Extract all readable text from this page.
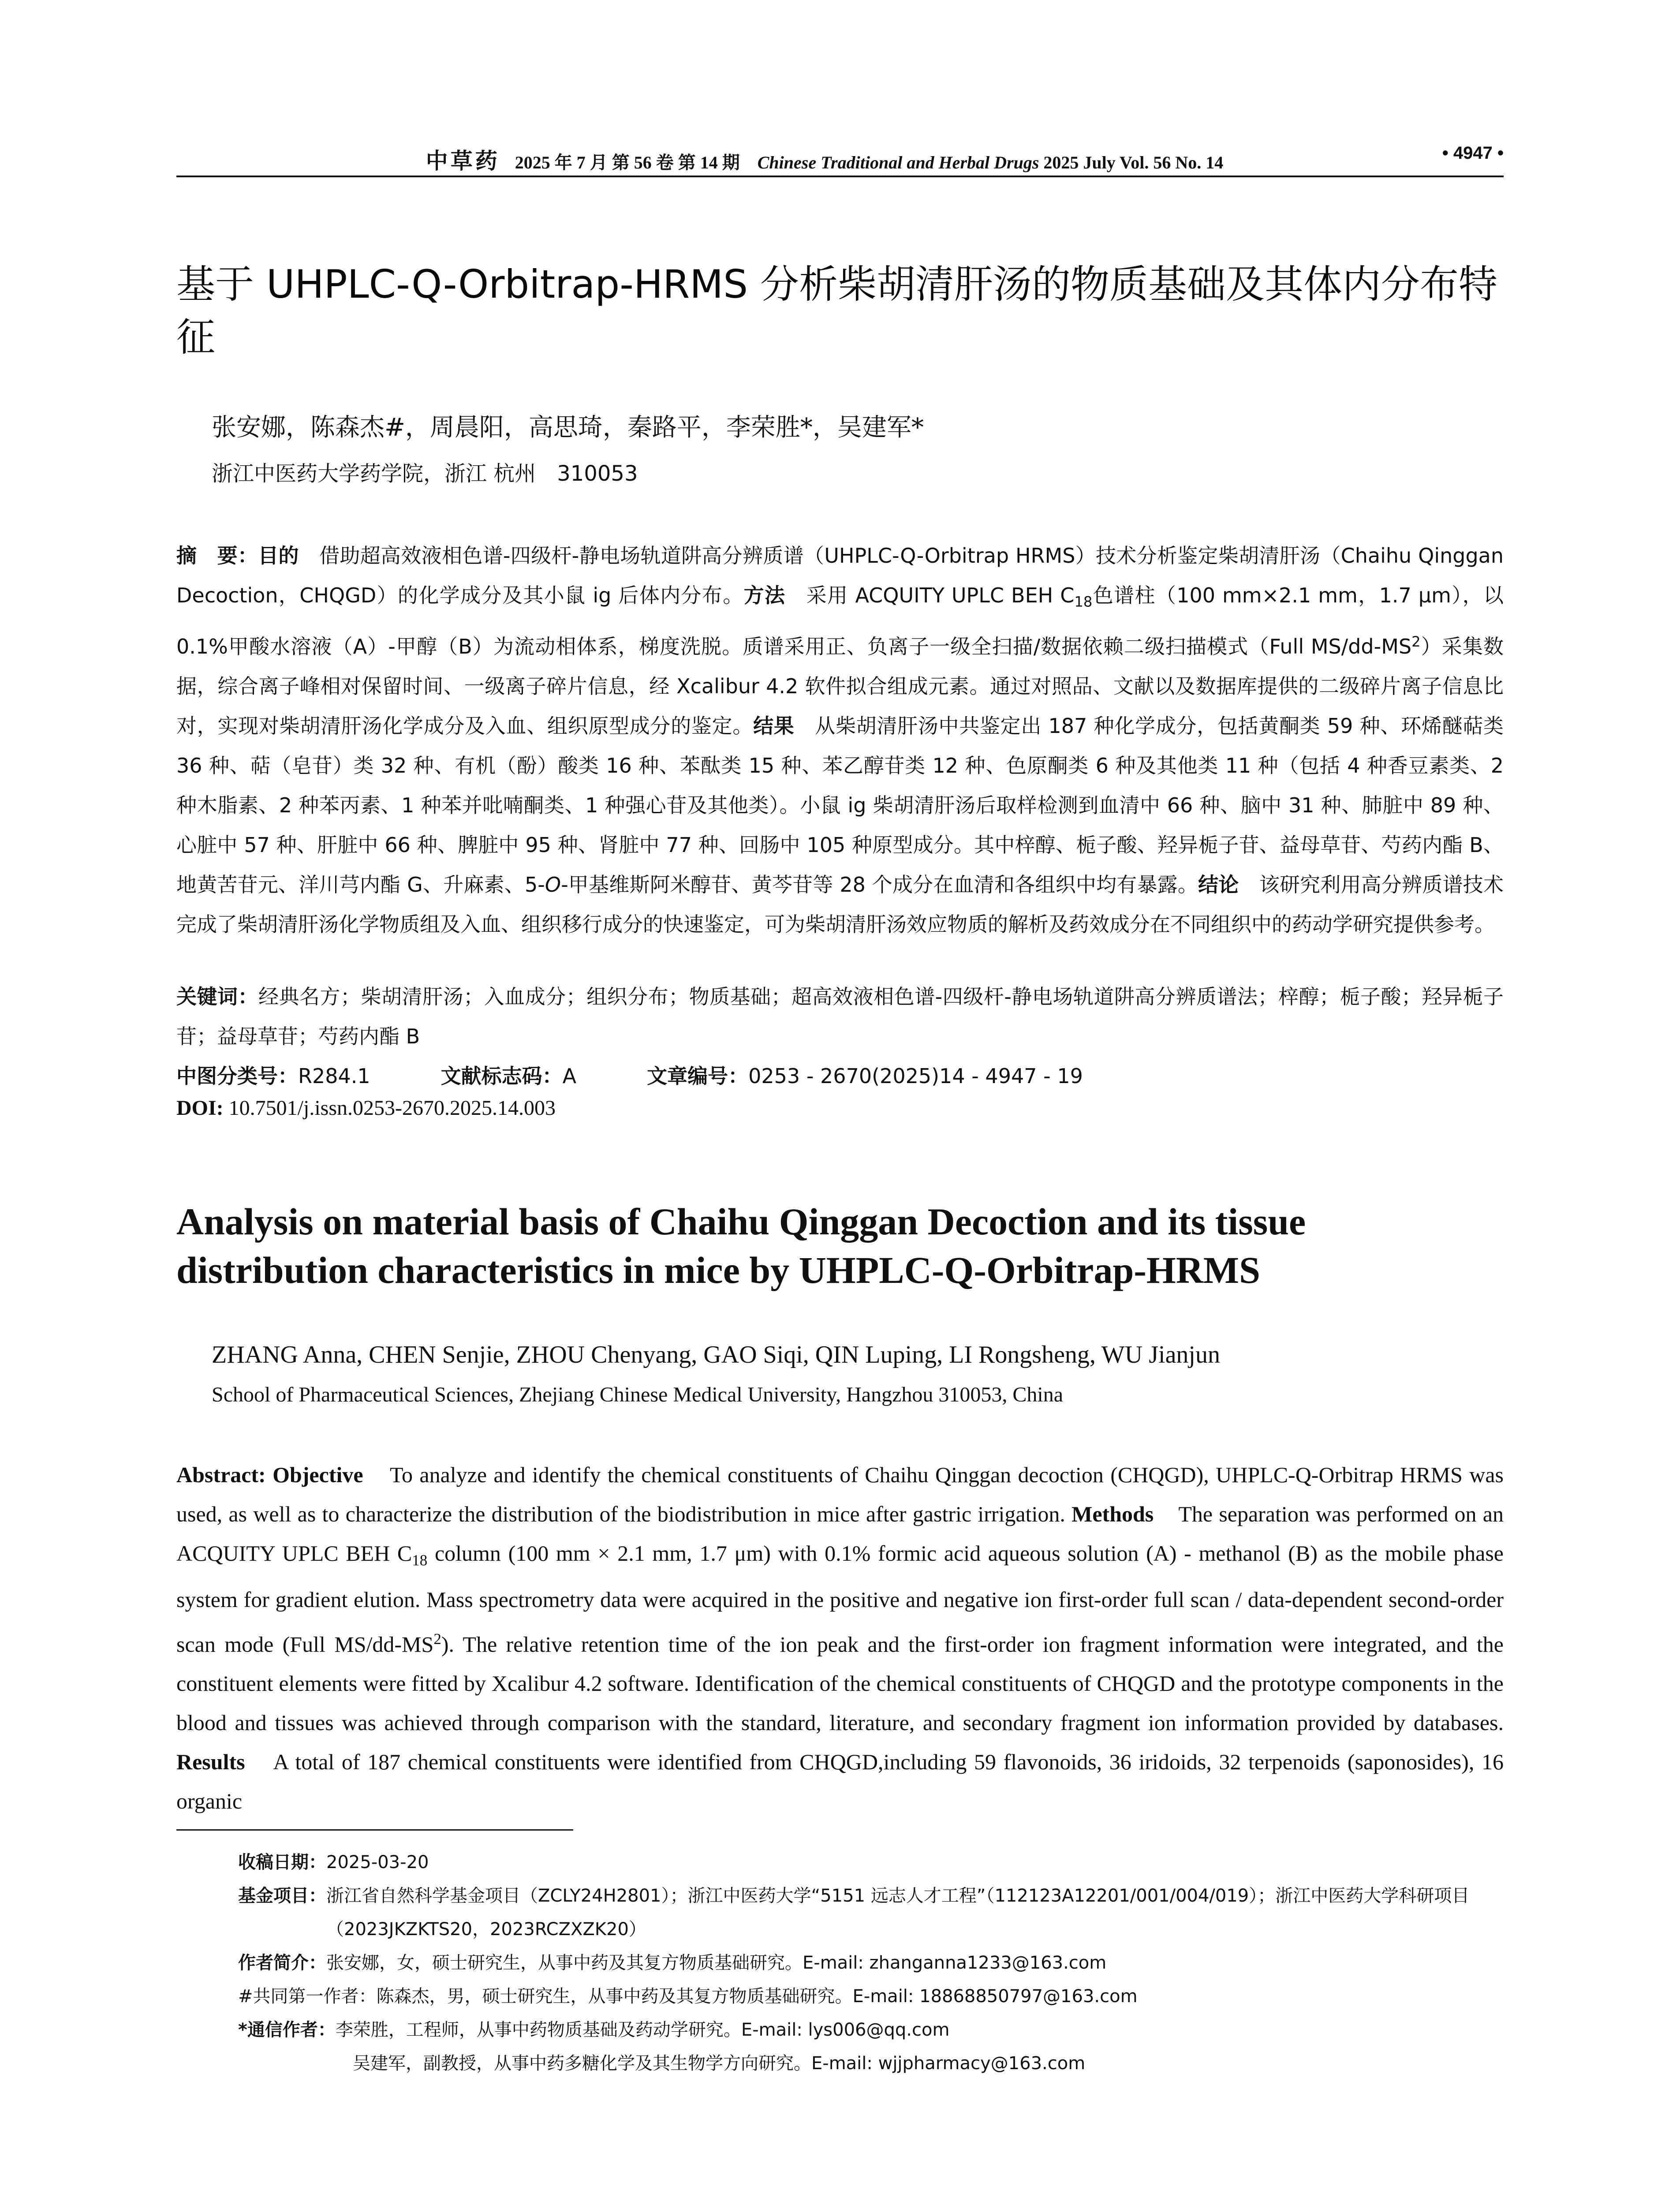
中草药 2025 年 7 月 第 56 卷 第 14 期 Chinese Traditional and Herbal Drugs 2025 July Vol. 56 No. 14	• 4947 •
基于 UHPLC-Q-Orbitrap-HRMS 分析柴胡清肝汤的物质基础及其体内分布特征
张安娜，陈森杰#，周晨阳，高思琦，秦路平，李荣胜*，吴建军*
浙江中医药大学药学院，浙江 杭州　310053
摘　要：目的　 借助超高效液相色谱-四级杆-静电场轨道阱高分辨质谱（UHPLC-Q-Orbitrap HRMS）技术分析鉴定柴胡清肝汤（Chaihu Qinggan Decoction，CHQGD）的化学成分及其小鼠 ig 后体内分布。方法　 采用 ACQUITY UPLC BEH $C_{18}$色谱柱（100 mm×2.1 mm，1.7 μm），以 0.1%甲酸水溶液（A）-甲醇（B）为流动相体系，梯度洗脱。质谱采用正、负离子一级全扫描/数据依赖二级扫描模式（Full $MS/dd-MS^2$）采集数据，综合离子峰相对保留时间、一级离子碎片信息，经 Xcalibur 4.2 软件拟合组成元素。通过对照品、文献以及数据库提供的二级碎片离子信息比对，实现对柴胡清肝汤化学成分及入血、组织原型成分的鉴定。结果　 从柴胡清肝汤中共鉴定出 187 种化学成分，包括黄酮类 59 种、环烯醚萜类 36 种、萜（皂苷）类 32 种、有机（酚）酸类 16 种、苯酞类 15 种、苯乙醇苷类 12 种、色原酮类 6 种及其他类 11 种（包括 4 种香豆素类、2 种木脂素、2 种苯丙素、1 种苯并吡喃酮类、1 种强心苷及其他类）。小鼠 ig 柴胡清肝汤后取样检测到血清中 66 种、脑中 31 种、肺脏中 89 种、心脏中 57 种、肝脏中 66 种、脾脏中 95 种、肾脏中 77 种、回肠中 105 种原型成分。其中梓醇、栀子酸、羟异栀子苷、益母草苷、芍药内酯 B、地黄苦苷元、洋川芎内酯 G、升麻素、5-O-甲基维斯阿米醇苷、黄芩苷等 28 个成分在血清和各组织中均有暴露。结论　 该研究利用高分辨质谱技术完成了柴胡清肝汤化学物质组及入血、组织移行成分的快速鉴定，可为柴胡清肝汤效应物质的解析及药效成分在不同组织中的药动学研究提供参考。
关键词：经典名方；柴胡清肝汤；入血成分；组织分布；物质基础；超高效液相色谱-四级杆-静电场轨道阱高分辨质谱法；梓醇；栀子酸；羟异栀子苷；益母草苷；芍药内酯 B
中图分类号：R284.1	文献标志码：A	文章编号：0253 - 2670(2025)14 - 4947 - 19
DOI: 10.7501/j.issn.0253-2670.2025.14.003
Analysis on material basis of Chaihu Qinggan Decoction and its tissue distribution characteristics in mice by UHPLC-Q-Orbitrap-HRMS
ZHANG Anna, CHEN Senjie, ZHOU Chenyang, GAO Siqi, QIN Luping, LI Rongsheng, WU Jianjun
School of Pharmaceutical Sciences, Zhejiang Chinese Medical University, Hangzhou 310053, China
Abstract: Objective To analyze and identify the chemical constituents of Chaihu Qinggan decoction (CHQGD), UHPLC-Q-Orbitrap HRMS was used, as well as to characterize the distribution of the biodistribution in mice after gastric irrigation. Methods The separation was performed on an ACQUITY UPLC BEH $C_{18}$ column (100 mm × 2.1 mm, 1.7 μm) with 0.1% formic acid aqueous solution (A) - methanol (B) as the mobile phase system for gradient elution. Mass spectrometry data were acquired in the positive and negative ion first-order full scan / data-dependent second-order scan mode (Full $MS/dd-MS^2$). The relative retention time of the ion peak and the first-order ion fragment information were integrated, and the constituent elements were fitted by Xcalibur 4.2 software. Identification of the chemical constituents of CHQGD and the prototype components in the blood and tissues was achieved through comparison with the standard, literature, and secondary fragment ion information provided by databases. Results A total of 187 chemical constituents were identified from CHQGD,including 59 flavonoids, 36 iridoids, 32 terpenoids (saponosides), 16 organic
收稿日期： 2025-03-20
基金项目： 浙江省自然科学基金项目（ZCLY24H2801）；浙江中医药大学“5151 远志人才工程”（112123A12201/001/004/019）；浙江中医药大学科研项目（2023JKZKTS20，2023RCZXZK20）
作者简介： 张安娜，女，硕士研究生，从事中药及其复方物质基础研究。E-mail: zhanganna1233@163.com
#共同第一作者： 陈森杰，男，硕士研究生，从事中药及其复方物质基础研究。E-mail: 18868850797@163.com
*通信作者： 李荣胜，工程师，从事中药物质基础及药动学研究。E-mail: lys006@qq.com
吴建军，副教授，从事中药多糖化学及其生物学方向研究。E-mail: wjjpharmacy@163.com
